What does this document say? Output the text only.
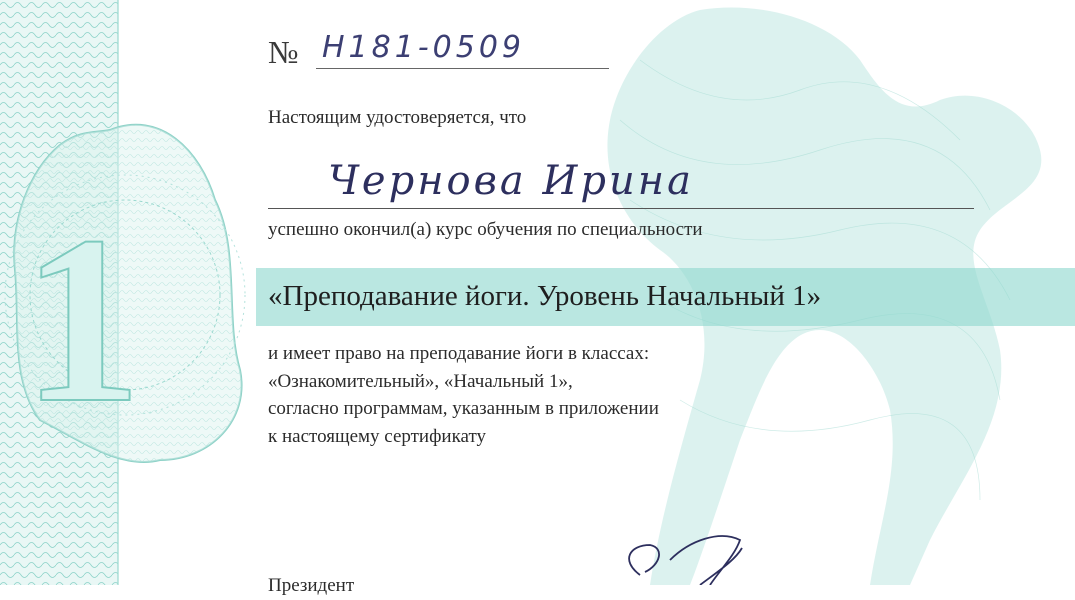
1
№ Н181-0509
Настоящим удостоверяется, что
Чернова Ирина
успешно окончил(а) курс обучения по специальности
«Преподавание йоги. Уровень Начальный 1»
и имеет право на преподавание йоги в классах:
«Ознакомительный», «Начальный 1»,
согласно программам, указанным в приложении
к настоящему сертификату
Президент
